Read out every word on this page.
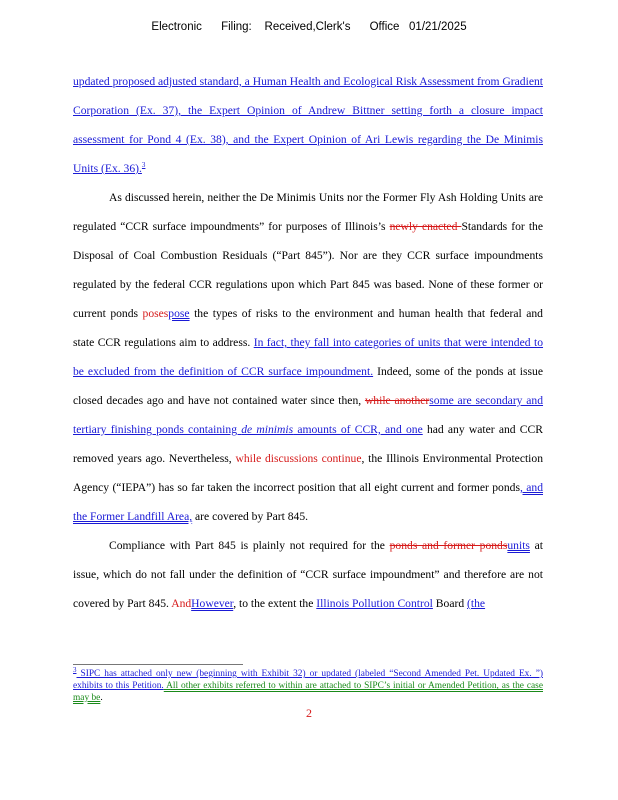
Electronic      Filing:    Received,Clerk's      Office   01/21/2025

updated proposed adjusted standard, a Human Health and Ecological Risk Assessment from Gradient Corporation (Ex. 37), the Expert Opinion of Andrew Bittner setting forth a closure impact assessment for Pond 4 (Ex. 38), and the Expert Opinion of Ari Lewis regarding the De Minimis Units (Ex. 36).$^3$

As discussed herein, neither the De Minimis Units nor the Former Fly Ash Holding Units are regulated “CCR surface impoundments” for purposes of Illinois’s newly enacted Standards for the Disposal of Coal Combustion Residuals (“Part 845”). Nor are they CCR surface impoundments regulated by the federal CCR regulations upon which Part 845 was based. None of these former or current ponds posespose the types of risks to the environment and human health that federal and state CCR regulations aim to address. In fact, they fall into categories of units that were intended to be excluded from the definition of CCR surface impoundment. Indeed, some of the ponds at issue closed decades ago and have not contained water since then, while anothersome are secondary and tertiary finishing ponds containing de minimis amounts of CCR, and one had any water and CCR removed years ago. Nevertheless, while discussions continue, the Illinois Environmental Protection Agency (“IEPA”) has so far taken the incorrect position that all eight current and former ponds, and the Former Landfill Area, are covered by Part 845.

Compliance with Part 845 is plainly not required for the ponds and former pondsunits at issue, which do not fall under the definition of “CCR surface impoundment” and therefore are not covered by Part 845. AndHowever, to the extent the Illinois Pollution Control Board (the

$^3$ SIPC has attached only new (beginning with Exhibit 32) or updated (labeled “Second Amended Pet. Updated Ex. ”) exhibits to this Petition. All other exhibits referred to within are attached to SIPC’s initial or Amended Petition, as the case may be.
2
